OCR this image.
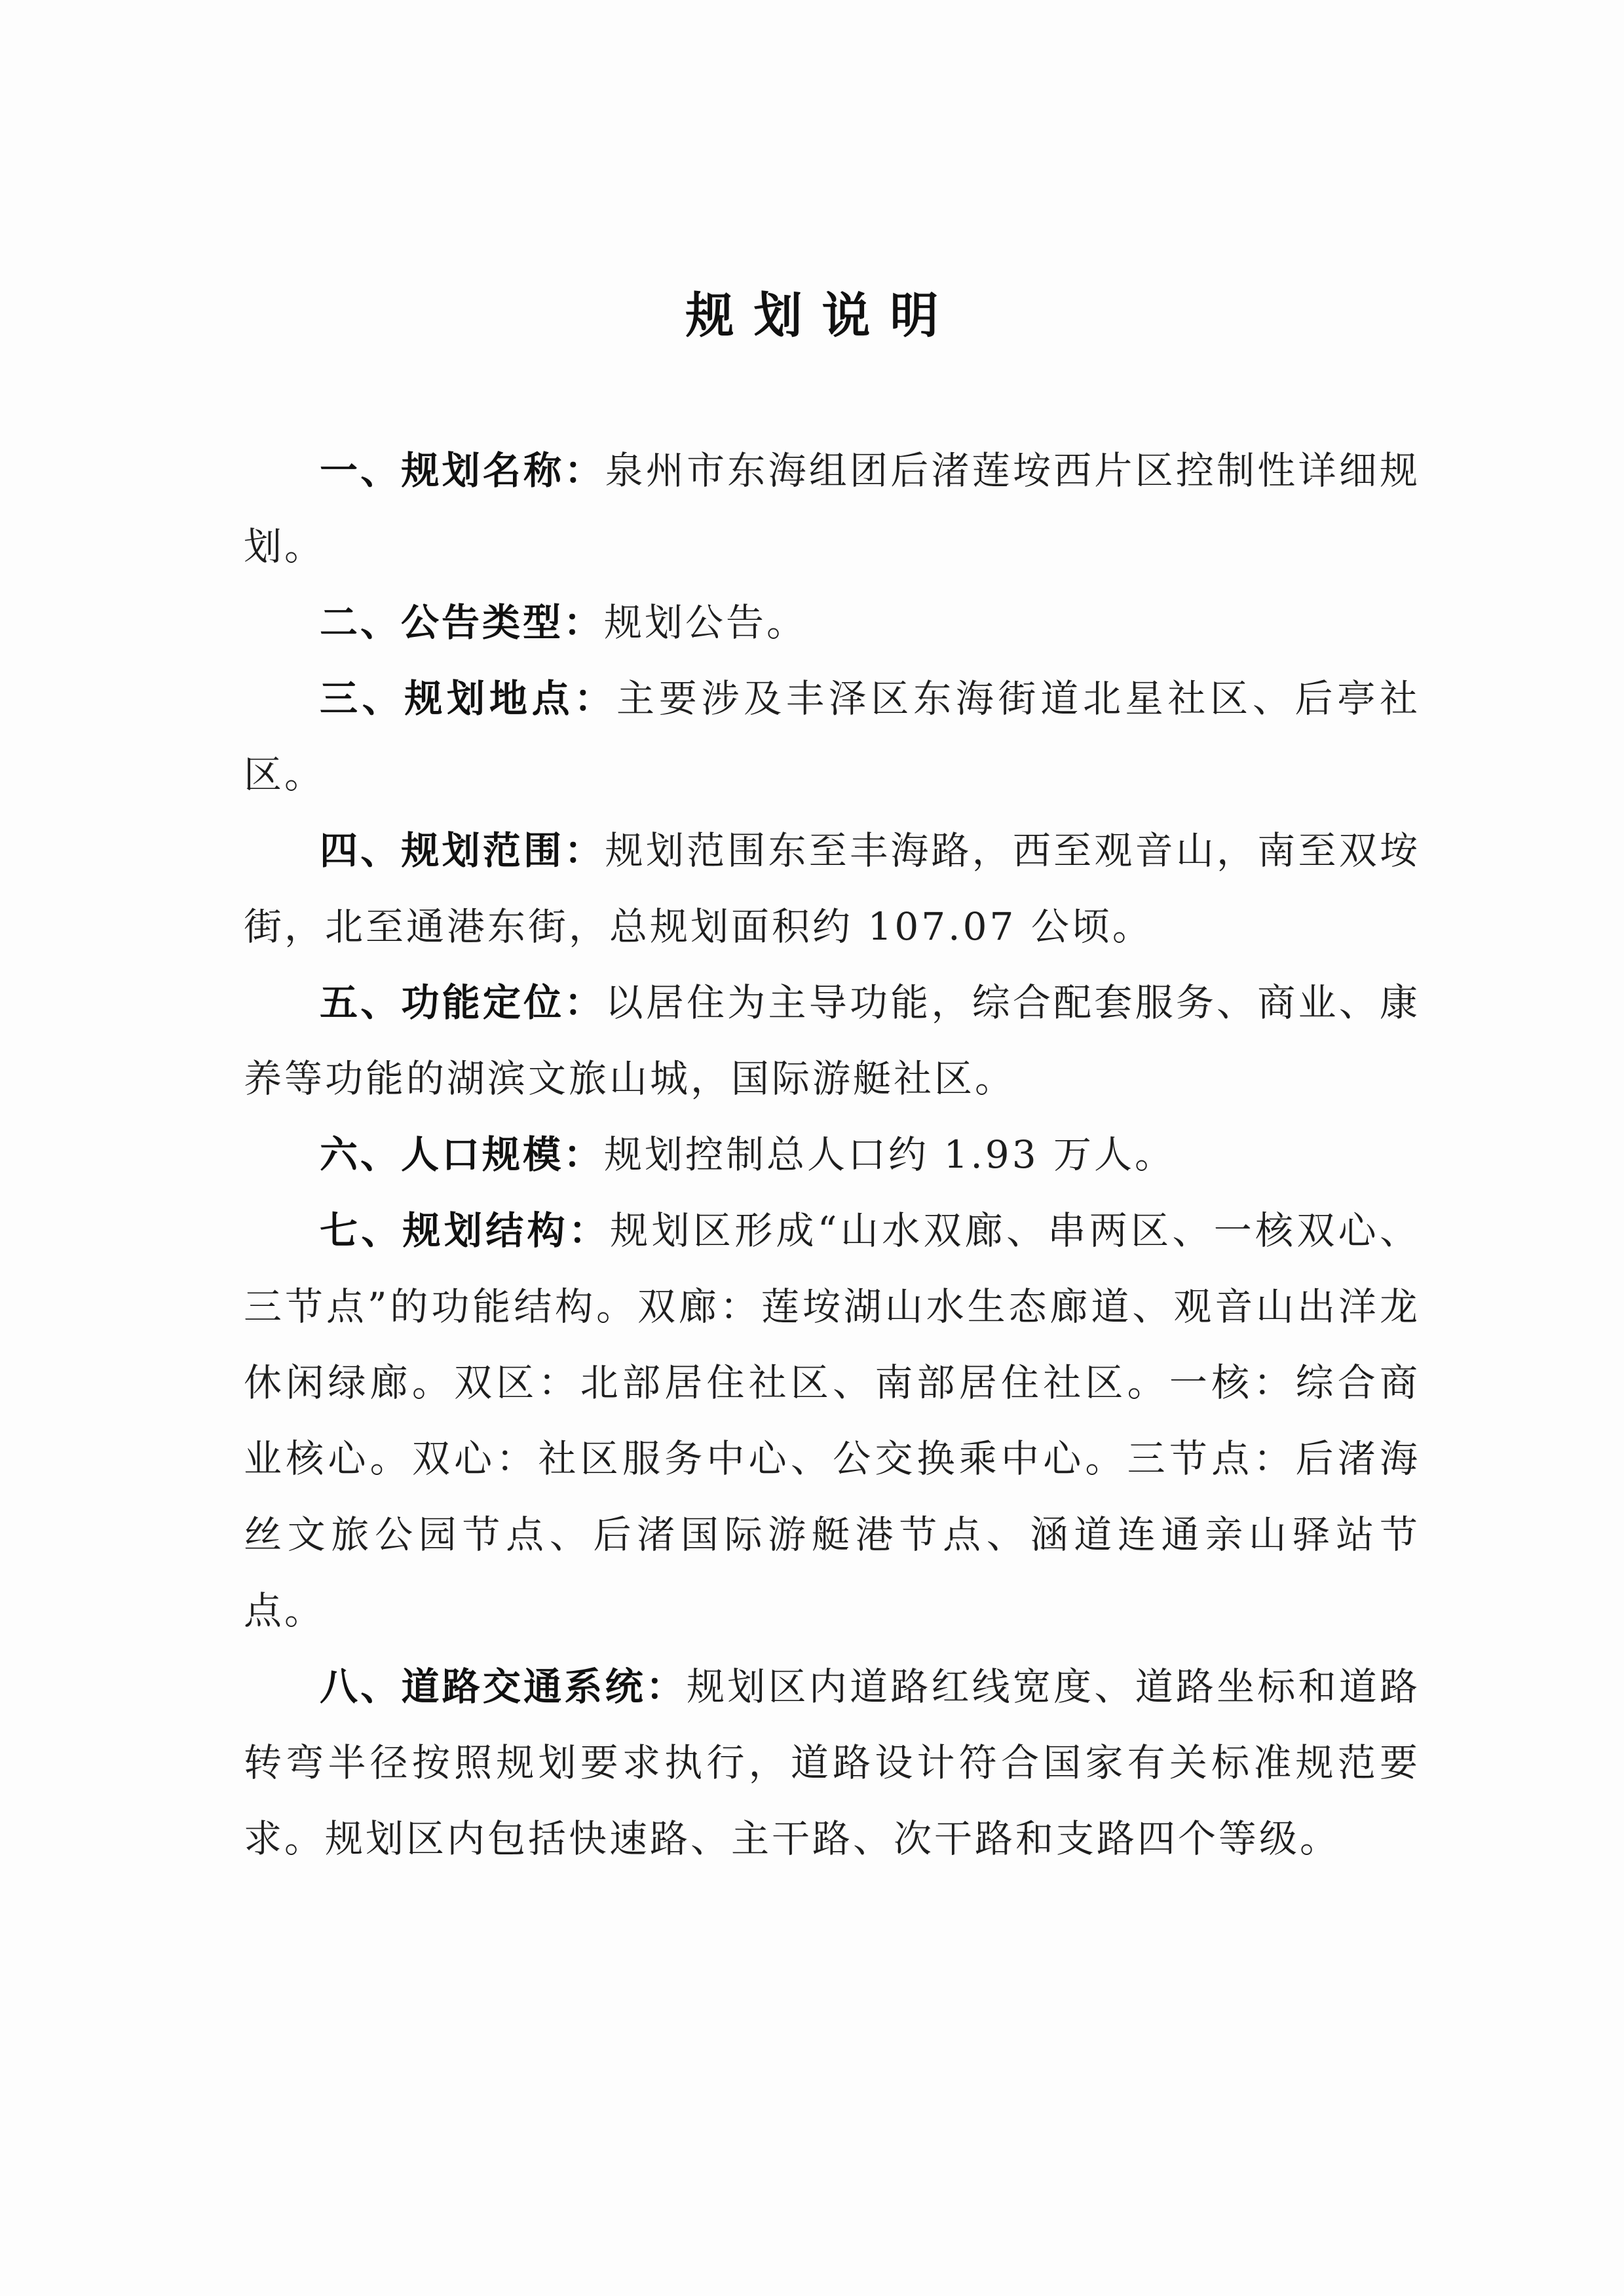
规划说明

一、规划名称：泉州市东海组团后渚莲垵西片区控制性详细规划。

二、公告类型：规划公告。

三、规划地点：主要涉及丰泽区东海街道北星社区、后亭社区。

四、规划范围：规划范围东至丰海路，西至观音山，南至双垵街，北至通港东街，总规划面积约 107.07 公顷。

五、功能定位：以居住为主导功能，综合配套服务、商业、康养等功能的湖滨文旅山城，国际游艇社区。

六、人口规模：规划控制总人口约 1.93 万人。

七、规划结构：规划区形成“山水双廊、串两区、一核双心、三节点”的功能结构。双廊：莲垵湖山水生态廊道、观音山出洋龙休闲绿廊。双区：北部居住社区、南部居住社区。一核：综合商业核心。双心：社区服务中心、公交换乘中心。三节点：后渚海丝文旅公园节点、后渚国际游艇港节点、涵道连通亲山驿站节点。

八、道路交通系统：规划区内道路红线宽度、道路坐标和道路转弯半径按照规划要求执行，道路设计符合国家有关标准规范要求。规划区内包括快速路、主干路、次干路和支路四个等级。
